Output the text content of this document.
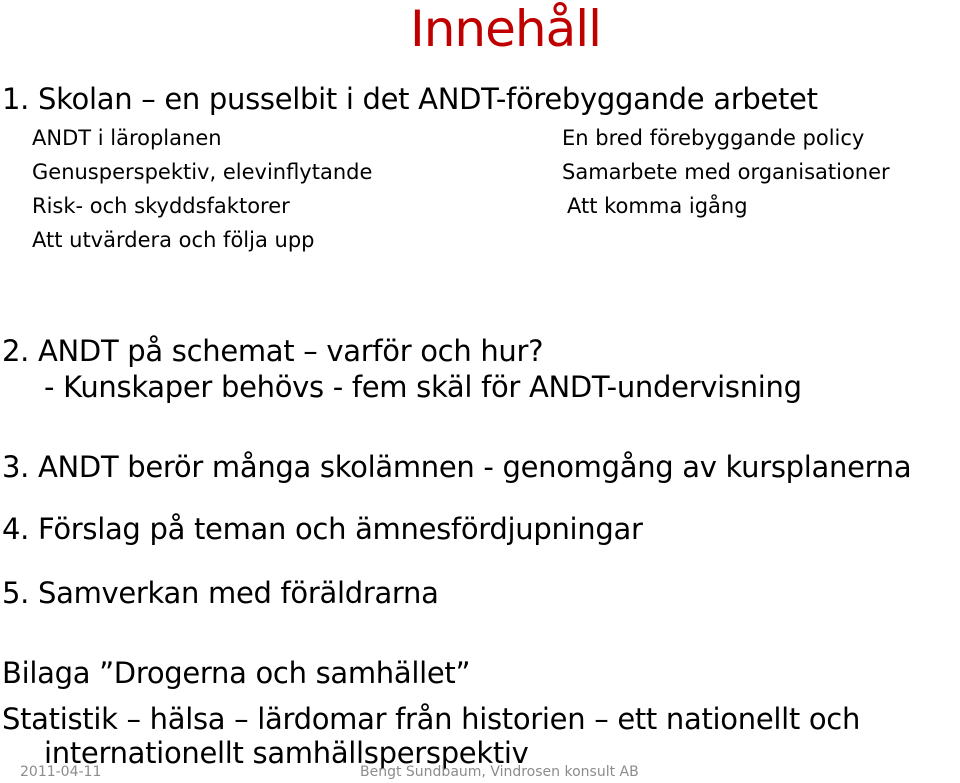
Innehåll
1. Skolan – en pusselbit i det ANDT-förebyggande arbetet
ANDT i läroplanen
Genusperspektiv, elevinflytande
Risk- och skyddsfaktorer
Att utvärdera och följa upp
En bred förebyggande policy
Samarbete med organisationer
Att komma igång
2. ANDT på schemat – varför och hur?
- Kunskaper behövs - fem skäl för ANDT-undervisning
3. ANDT berör många skolämnen - genomgång av kursplanerna
4. Förslag på teman och ämnesfördjupningar
5. Samverkan med föräldrarna
Bilaga ”Drogerna och samhället”
Statistik – hälsa – lärdomar från historien – ett nationellt och
internationellt samhällsperspektiv
2011-04-11	Bengt Sundbaum, Vindrosen konsult AB
